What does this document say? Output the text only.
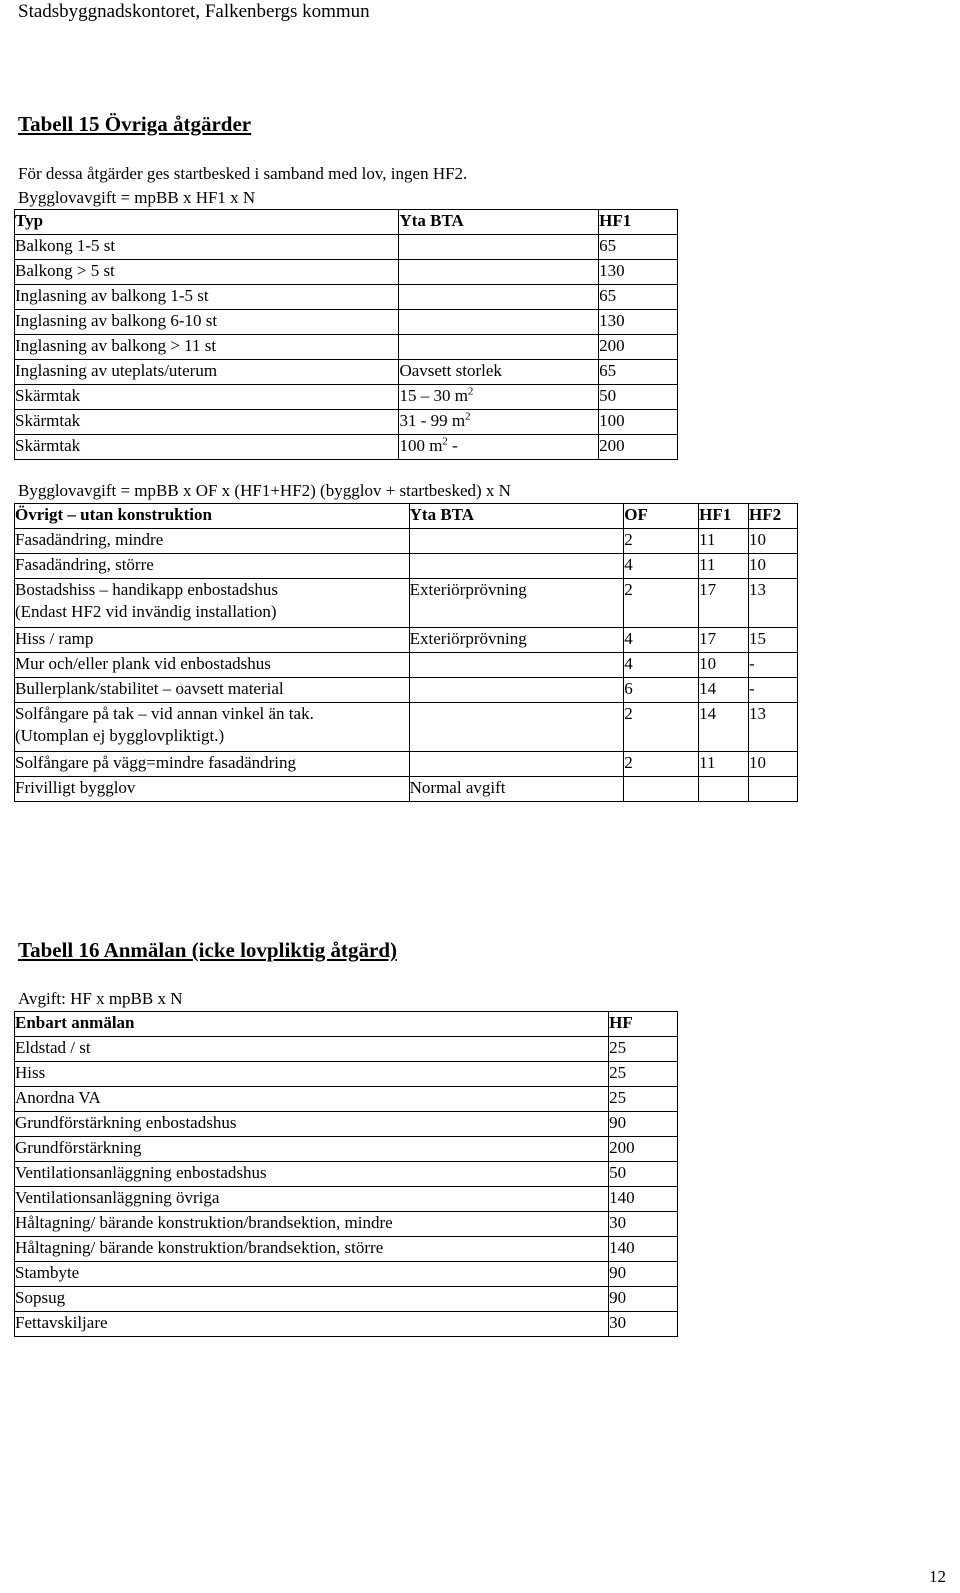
Stadsbyggnadskontoret, Falkenbergs kommun
Tabell 15 Övriga åtgärder
För dessa åtgärder ges startbesked i samband med lov, ingen HF2.
Bygglovavgift = mpBB x HF1 x N
Typ	Yta BTA	HF1
Balkong 1-5 st		65
Balkong > 5 st		130
Inglasning av balkong 1-5 st		65
Inglasning av balkong 6-10 st		130
Inglasning av balkong > 11 st		200
Inglasning av uteplats/uterum	Oavsett storlek	65
Skärmtak	15 – 30 $m^2$	50
Skärmtak	31 - 99 $m^2$	100
Skärmtak	100 $m^2$ -	200
Bygglovavgift = mpBB x OF x (HF1+HF2) (bygglov + startbesked) x N
Övrigt – utan konstruktion	Yta BTA	OF	HF1	HF2
Fasadändring, mindre		2	11	10
Fasadändring, större		4	11	10

Bostadshiss – handikapp enbostadshus
(Endast HF2 vid invändig installation)	Exteriörprövning	2	17	13
Hiss / ramp	Exteriörprövning	4	17	15
Mur och/eller plank vid enbostadshus		4	10	-
Bullerplank/stabilitet – oavsett material		6	14	-

Solfångare på tak – vid annan vinkel än tak.
(Utomplan ej bygglovpliktigt.)		2	14	13
Solfångare på vägg=mindre fasadändring		2	11	10
Frivilligt bygglov	Normal avgift			
Tabell 16 Anmälan (icke lovpliktig åtgärd)
Avgift: HF x mpBB x N
Enbart anmälan	HF
Eldstad / st	25
Hiss	25
Anordna VA	25
Grundförstärkning enbostadshus	90
Grundförstärkning	200
Ventilationsanläggning enbostadshus	50
Ventilationsanläggning övriga	140
Håltagning/ bärande konstruktion/brandsektion, mindre	30
Håltagning/ bärande konstruktion/brandsektion, större	140
Stambyte	90
Sopsug	90
Fettavskiljare	30
12
